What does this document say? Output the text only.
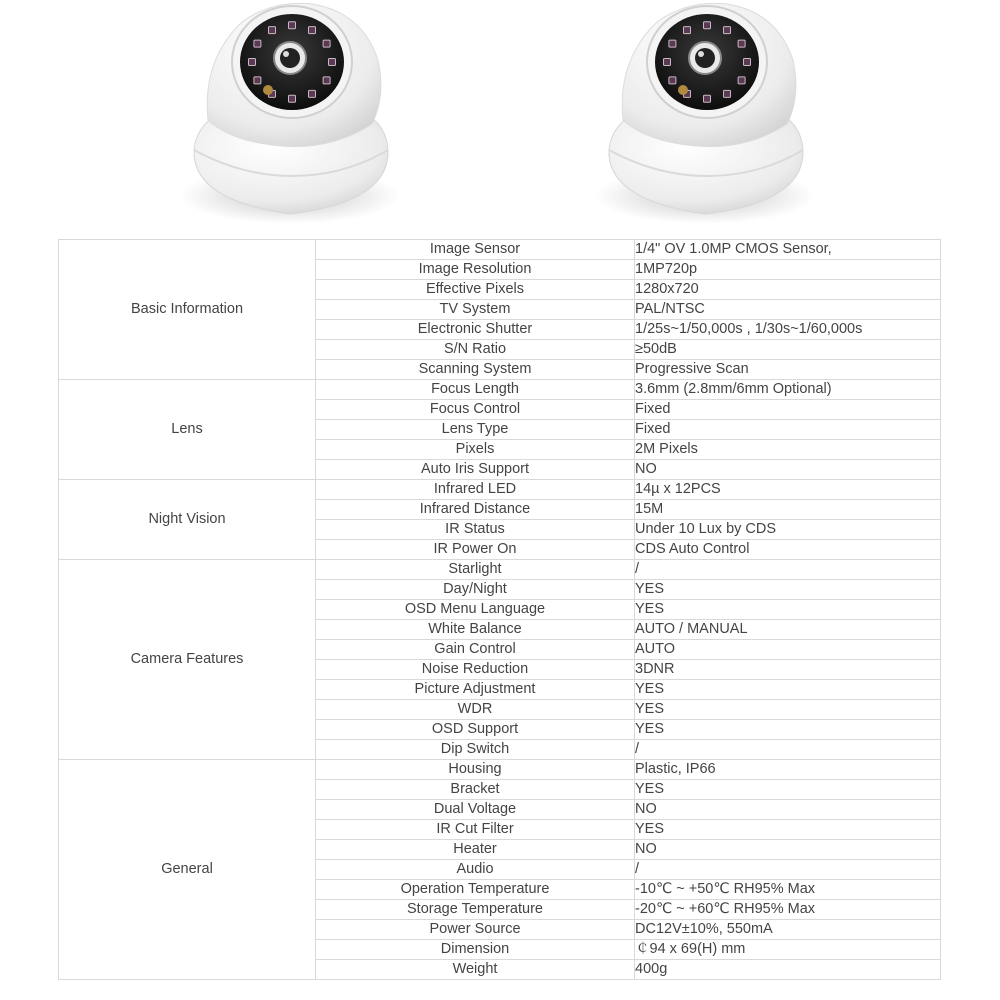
Basic Information	Image Sensor	1/4" OV 1.0MP CMOS Sensor,
	Image Resolution	1MP720p
	Effective Pixels	1280x720
	TV System	PAL/NTSC
	Electronic Shutter	1/25s~1/50,000s , 1/30s~1/60,000s
	S/N Ratio	≥50dB
	Scanning System	Progressive Scan
Lens	Focus Length	3.6mm (2.8mm/6mm Optional)
	Focus Control	Fixed
	Lens Type	Fixed
	Pixels	2M Pixels
	Auto Iris Support	NO
Night Vision	Infrared LED	14µ x 12PCS
	Infrared Distance	15M
	IR Status	Under 10 Lux by CDS
	IR Power On	CDS Auto Control
Camera Features	Starlight	/
	Day/Night	YES
	OSD Menu Language	YES
	White Balance	AUTO / MANUAL
	Gain Control	AUTO
	Noise Reduction	3DNR
	Picture Adjustment	YES
	WDR	YES
	OSD Support	YES
	Dip Switch	/
General	Housing	Plastic, IP66
	Bracket	YES
	Dual Voltage	NO
	IR Cut Filter	YES
	Heater	NO
	Audio	/
	Operation Temperature	-10℃ ~ +50℃ RH95% Max
	Storage Temperature	-20℃ ~ +60℃ RH95% Max
	Power Source	DC12V±10%, 550mA
	Dimension	￠94 x 69(H) mm
	Weight	400g
